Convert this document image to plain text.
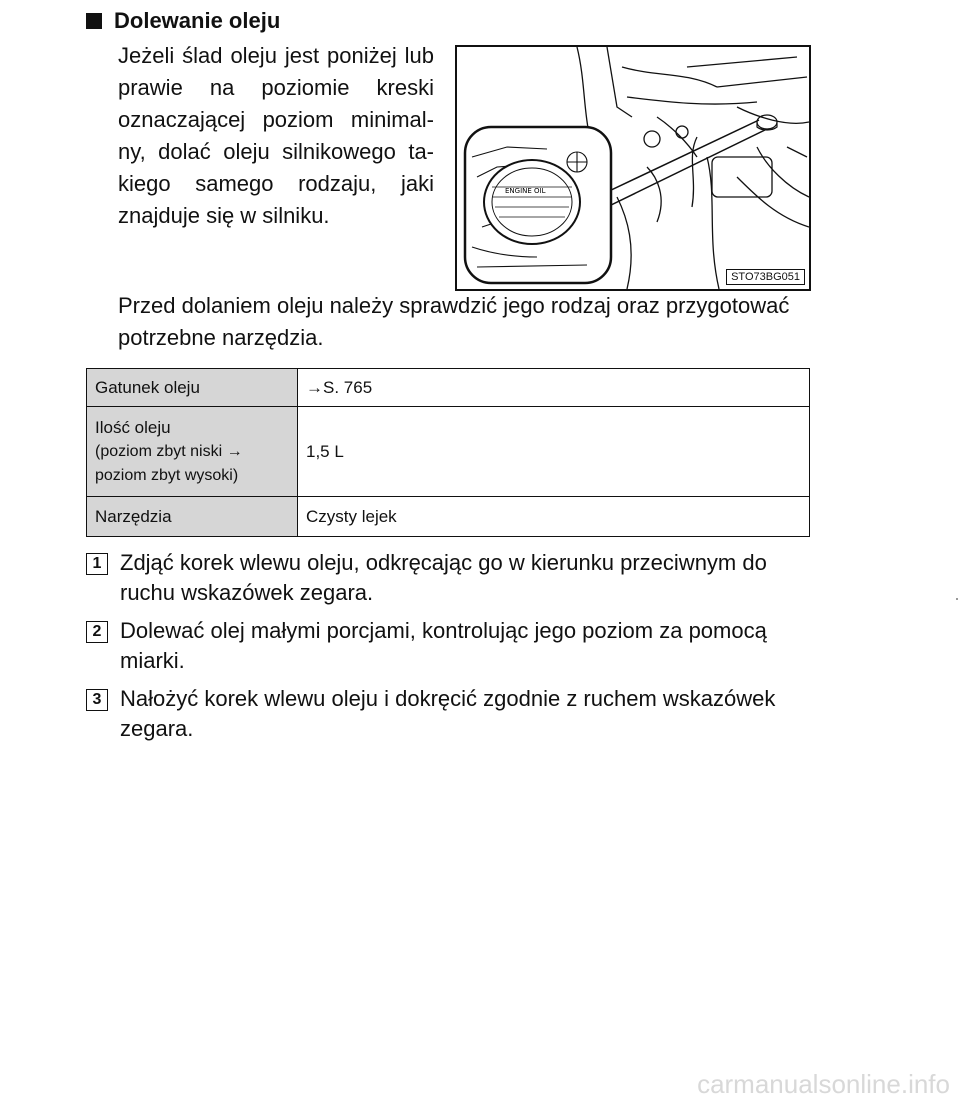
Dolewanie oleju
Jeżeli ślad oleju jest poniżej lub prawie na poziomie kreski oznaczającej poziom minimal- ny, dolać oleju silnikowego ta- kiego samego rodzaju, jaki znajduje się w silniku.
ENGINE OIL
STO73BG051
Przed dolaniem oleju należy sprawdzić jego rodzaj oraz przygotować potrzebne narzędzia.
Gatunek oleju	→S. 765

Ilość oleju
(poziom zbyt niski →
poziom zbyt wysoki)	1,5 L
Narzędzia	Czysty lejek
1 Zdjąć korek wlewu oleju, odkręcając go w kierunku przeciwnym do ruchu wskazówek zegara.
2 Dolewać olej małymi porcjami, kontrolując jego poziom za pomocą miarki.
3 Nałożyć korek wlewu oleju i dokręcić zgodnie z ruchem wskazówek zegara.
carmanualsonline.info
